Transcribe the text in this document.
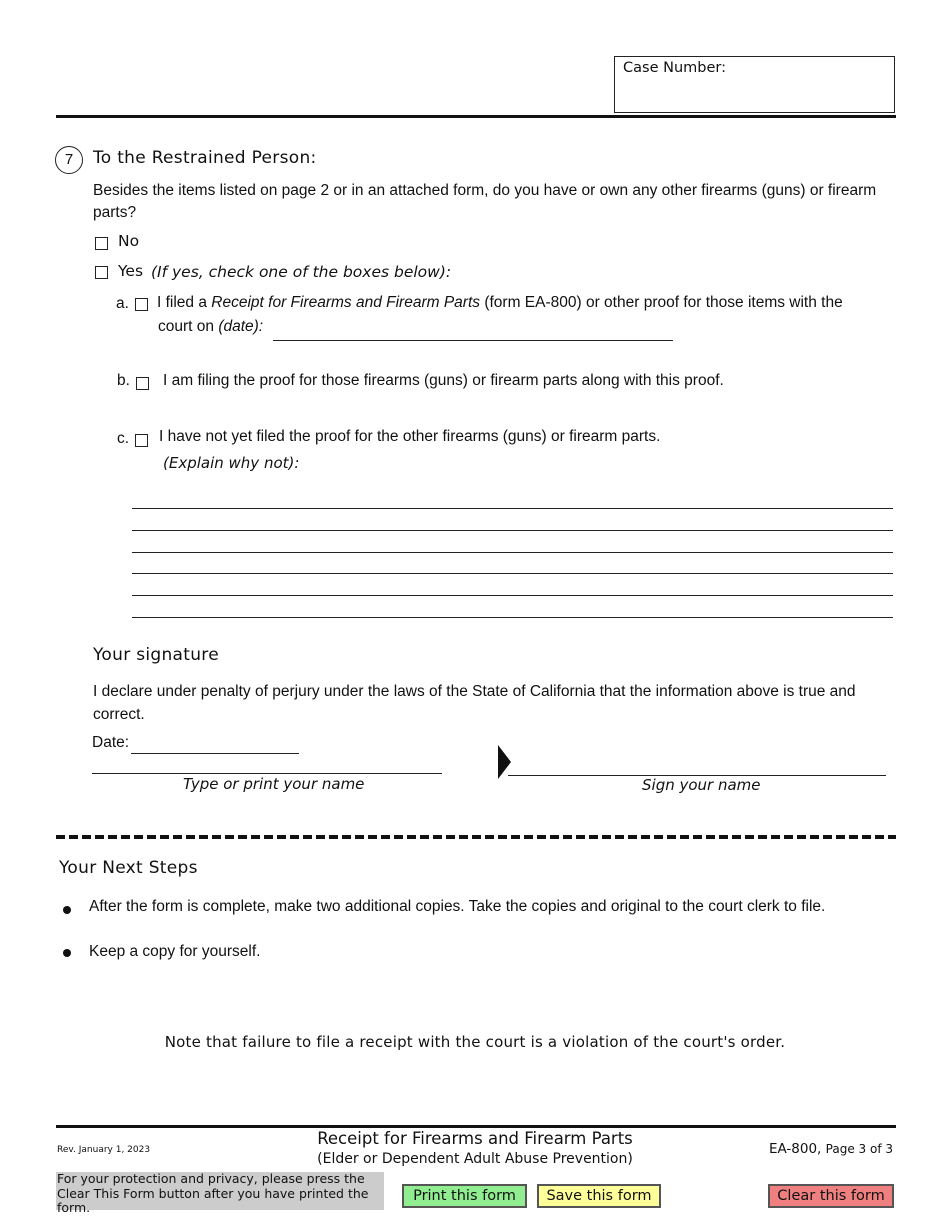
Case Number:
7	To the Restrained Person:
Besides the items listed on page 2 or in an attached form, do you have or own any other firearms (guns) or firearm parts?
No
Yes (If yes, check one of the boxes below):
a. I filed a Receipt for Firearms and Firearm Parts (form EA-800) or other proof for those items with the
court on (date):
b. I am filing the proof for those firearms (guns) or firearm parts along with this proof.
c. I have not yet filed the proof for the other firearms (guns) or firearm parts.
(Explain why not):
Your signature
I declare under penalty of perjury under the laws of the State of California that the information above is true and correct.
Date:
Type or print your name	Sign your name
Your Next Steps
After the form is complete, make two additional copies. Take the copies and original to the court clerk to file.
Keep a copy for yourself.
Note that failure to file a receipt with the court is a violation of the court's order.
Rev. January 1, 2023
Receipt for Firearms and Firearm Parts
(Elder or Dependent Adult Abuse Prevention)
EA-800, Page 3 of 3
For your protection and privacy, please press the Clear This Form button after you have printed the form.
Print this form	Save this form	Clear this form
